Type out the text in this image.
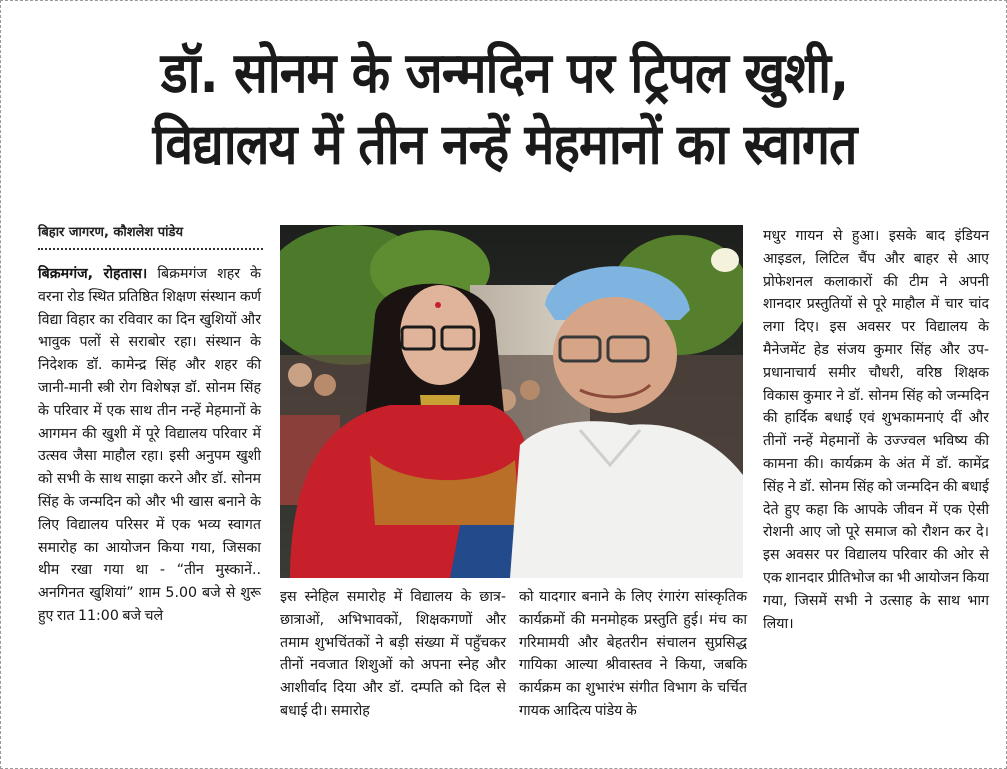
डॉ. सोनम के जन्मदिन पर ट्रिपल खुशी,
विद्यालय में तीन नन्हें मेहमानों का स्वागत
बिहार जागरण, कौशलेश पांडेय
बिक्रमगंज, रोहतास। बिक्रमगंज शहर के वरना रोड स्थित प्रतिष्ठित शिक्षण संस्थान कर्ण विद्या विहार का रविवार का दिन खुशियों और भावुक पलों से सराबोर रहा। संस्थान के निदेशक डॉ. कामेन्द्र सिंह और शहर की जानी-मानी स्त्री रोग विशेषज्ञ डॉ. सोनम सिंह के परिवार में एक साथ तीन नन्हें मेहमानों के आगमन की खुशी में पूरे विद्यालय परिवार में उत्सव जैसा माहौल रहा। इसी अनुपम खुशी को सभी के साथ साझा करने और डॉ. सोनम सिंह के जन्मदिन को और भी खास बनाने के लिए विद्यालय परिसर में एक भव्य स्वागत समारोह का आयोजन किया गया, जिसका थीम रखा गया था - “तीन मुस्कानें.. अनगिनत खुशियां” शाम 5.00 बजे से शुरू हुए रात 11:00 बजे चले
इस स्नेहिल समारोह में विद्यालय के छात्र-छात्राओं, अभिभावकों, शिक्षकगणों और तमाम शुभचिंतकों ने बड़ी संख्या में पहुँचकर तीनों नवजात शिशुओं को अपना स्नेह और आशीर्वाद दिया और डॉ. दम्पति को दिल से बधाई दी। समारोह
को यादगार बनाने के लिए रंगारंग सांस्कृतिक कार्यक्रमों की मनमोहक प्रस्तुति हुई। मंच का गरिमामयी और बेहतरीन संचालन सुप्रसिद्ध गायिका आल्या श्रीवास्तव ने किया, जबकि कार्यक्रम का शुभारंभ संगीत विभाग के चर्चित गायक आदित्य पांडेय के
मधुर गायन से हुआ। इसके बाद इंडियन आइडल, लिटिल चैंप और बाहर से आए प्रोफेशनल कलाकारों की टीम ने अपनी शानदार प्रस्तुतियों से पूरे माहौल में चार चांद लगा दिए। इस अवसर पर विद्यालय के मैनेजमेंट हेड संजय कुमार सिंह और उप-प्रधानाचार्य समीर चौधरी, वरिष्ठ शिक्षक विकास कुमार ने डॉ. सोनम सिंह को जन्मदिन की हार्दिक बधाई एवं शुभकामनाएं दीं और तीनों नन्हें मेहमानों के उज्ज्वल भविष्य की कामना की। कार्यक्रम के अंत में डॉ. कामेंद्र सिंह ने डॉ. सोनम सिंह को जन्मदिन की बधाई देते हुए कहा कि आपके जीवन में एक ऐसी रोशनी आए जो पूरे समाज को रौशन कर दे। इस अवसर पर विद्यालय परिवार की ओर से एक शानदार प्रीतिभोज का भी आयोजन किया गया, जिसमें सभी ने उत्साह के साथ भाग लिया।
